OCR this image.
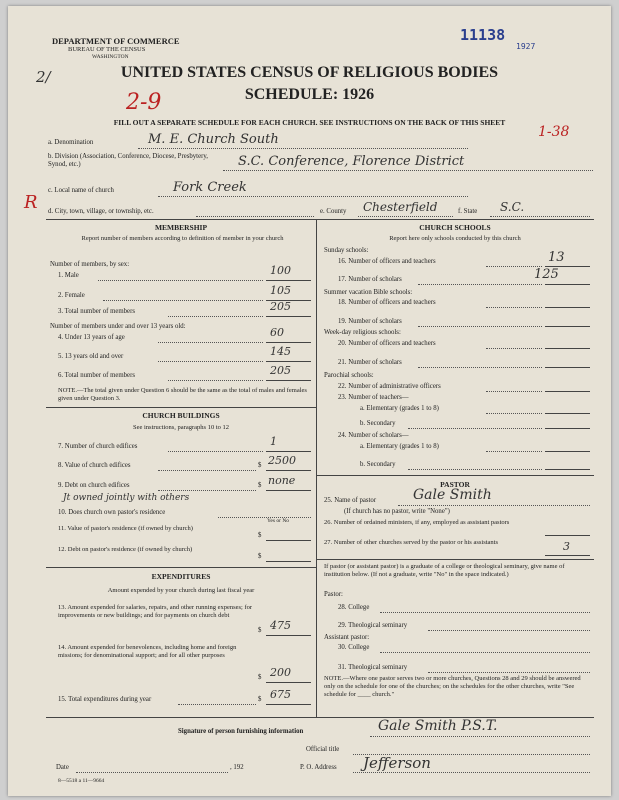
DEPARTMENT OF COMMERCE
BUREAU OF THE CENSUS
WASHINGTON
11138
1927
2/
2-9
1-38
UNITED STATES CENSUS OF RELIGIOUS BODIES
SCHEDULE: 1926
FILL OUT A SEPARATE SCHEDULE FOR EACH CHURCH. SEE INSTRUCTIONS ON THE BACK OF THIS SHEET
a. Denomination	M. E. Church South
b. Division (Association, Conference, Diocese, Presbytery, Synod, etc.)	S.C. Conference, Florence District
c. Local name of church	Fork Creek
d. City, town, village, or township, etc.	e. County Chesterfield	f. State S.C.
R
MEMBERSHIP
Report number of members according to definition of member in your church
Number of members, by sex:
1. Male	100
2. Female	105
3. Total number of members	205
Number of members under and over 13 years old:
4. Under 13 years of age	60
5. 13 years old and over	145
6. Total number of members	205
NOTE.—The total given under Question 6 should be the same as the total of males and females given under Question 3.
CHURCH BUILDINGS
See instructions, paragraphs 10 to 12
7. Number of church edifices	1
8. Value of church edifices	$ 2500
9. Debt on church edifices	$ none
Jt owned jointly with others
10. Does church own pastor's residence
Yes or No
11. Value of pastor's residence (if owned by church)
$
12. Debt on pastor's residence (if owned by church)
$
EXPENDITURES
Amount expended by your church during last fiscal year
13. Amount expended for salaries, repairs, and other running expenses; for improvements or new buildings; and for payments on church debt
$ 475
14. Amount expended for benevolences, including home and foreign missions; for denominational support; and for all other purposes
$ 200
15. Total expenditures during year	$ 675
CHURCH SCHOOLS
Report here only schools conducted by this church
Sunday schools:
16. Number of officers and teachers	13
17. Number of scholars	125
Summer vacation Bible schools:
18. Number of officers and teachers
19. Number of scholars
Week-day religious schools:
20. Number of officers and teachers
21. Number of scholars
Parochial schools:
22. Number of administrative officers
23. Number of teachers—
a. Elementary (grades 1 to 8)
b. Secondary
24. Number of scholars—
a. Elementary (grades 1 to 8)
b. Secondary
PASTOR
25. Name of pastor	Gale Smith
(If church has no pastor, write "None")
26. Number of ordained ministers, if any, employed as assistant pastors
27. Number of other churches served by the pastor or his assistants	3
If pastor (or assistant pastor) is a graduate of a college or theological seminary, give name of institution below. (If not a graduate, write "No" in the space indicated.)
Pastor:
28. College
29. Theological seminary
Assistant pastor:
30. College
31. Theological seminary
NOTE.—Where one pastor serves two or more churches, Questions 28 and 29 should be answered only on the schedule for one of the churches; on the schedules for the other churches, write "See schedule for ____ church."
Signature of person furnishing information	Gale Smith P.S.T.
Official title
Date	, 192	P. O. Address Jefferson
8—5518 a 11—9664
